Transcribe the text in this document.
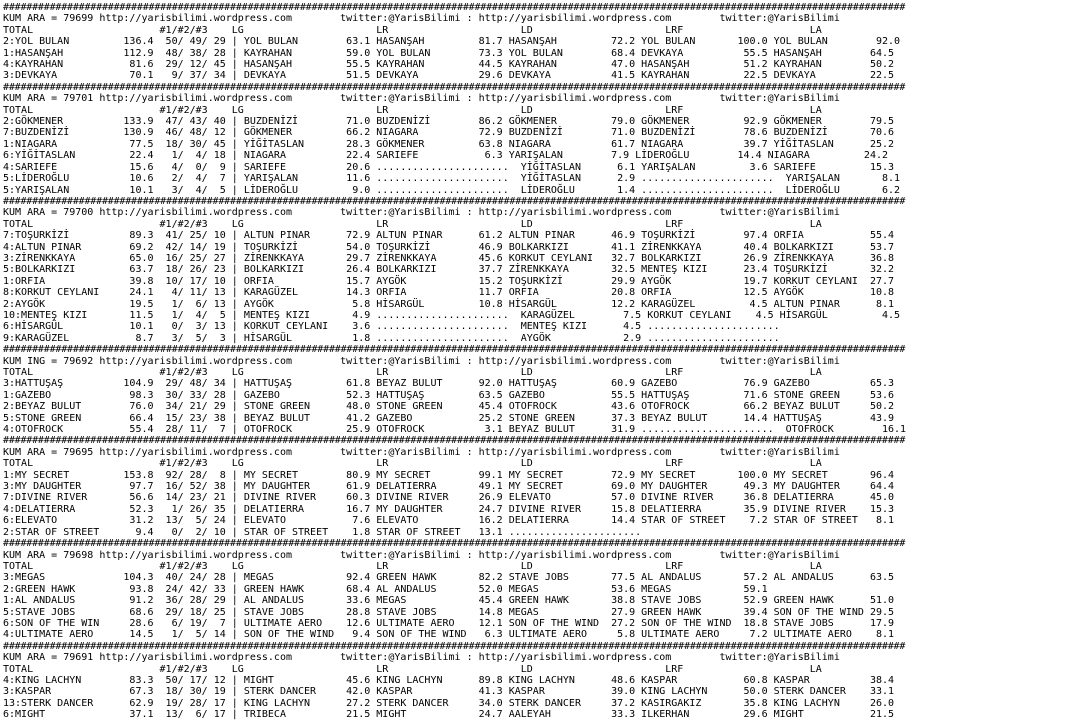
###########################################################################################################################################################
KUM ARA = 79699 http://yarisbilimi.wordpress.com        twitter:@YarisBilimi : http://yarisbilimi.wordpress.com        twitter:@YarisBilimi
TOTAL                     #1/#2/#3    LG                      LR                      LD                      LRF                     LA
2:YOL BULAN         136.4  50/ 49/ 29 | YOL BULAN        63.1 HASANŞAH         81.7 HASANŞAH         72.2 YOL BULAN       100.0 YOL BULAN        92.0
1:HASANŞAH          112.9  48/ 38/ 28 | KAYRAHAN         59.0 YOL BULAN        73.3 YOL BULAN        68.4 DEVKAYA          55.5 HASANŞAH        64.5
4:KAYRAHAN           81.6  29/ 12/ 45 | HASANŞAH         55.5 KAYRAHAN         44.5 KAYRAHAN         47.0 HASANŞAH         51.2 KAYRAHAN        50.2
3:DEVKAYA            70.1   9/ 37/ 34 | DEVKAYA          51.5 DEVKAYA          29.6 DEVKAYA          41.5 KAYRAHAN         22.5 DEVKAYA         22.5
###########################################################################################################################################################
KUM ARA = 79701 http://yarisbilimi.wordpress.com        twitter:@YarisBilimi : http://yarisbilimi.wordpress.com        twitter:@YarisBilimi
TOTAL                     #1/#2/#3    LG                      LR                      LD                      LRF                     LA
2:GÖKMENER          133.9  47/ 43/ 40 | BUZDENİZİ        71.0 BUZDENİZİ        86.2 GÖKMENER         79.0 GÖKMENER         92.9 GÖKMENER        79.5
7:BUZDENİZİ         130.9  46/ 48/ 12 | GÖKMENER         66.2 NIAGARA          72.9 BUZDENİZİ        71.0 BUZDENİZİ        78.6 BUZDENİZİ       70.6
1:NIAGARA            77.5  18/ 30/ 45 | YİĞİTASLAN       28.3 GÖKMENER         63.8 NIAGARA          61.7 NIAGARA          39.7 YİĞİTASLAN      25.2
6:YİĞİTASLAN         22.4   1/  4/ 18 | NIAGARA          22.4 SARIEFE           6.3 YARIŞALAN        7.9 LİDEROĞLU        14.4 NIAGARA         24.2
4:SARIEFE            15.6   4/  0/  9 | SARIEFE          20.6 ......................  YİĞİTASLAN      6.1 YARIŞALAN         3.6 SARIEFE         15.3
5:LİDEROĞLU          10.6   2/  4/  7 | YARIŞALAN        11.6 ......................  YİĞİTASLAN      2.9 ......................  YARIŞALAN       8.1
5:YARIŞALAN          10.1   3/  4/  5 | LİDEROĞLU         9.0 ......................  LİDEROĞLU       1.4 ......................  LİDEROĞLU       6.2
###########################################################################################################################################################
KUM ARA = 79700 http://yarisbilimi.wordpress.com        twitter:@YarisBilimi : http://yarisbilimi.wordpress.com        twitter:@YarisBilimi
TOTAL                     #1/#2/#3    LG                      LR                      LD                      LRF                     LA
7:TOŞURKİZİ          89.3  41/ 25/ 10 | ALTUN PINAR      72.9 ALTUN PINAR      61.2 ALTUN PINAR      46.9 TOŞURKİZİ        97.4 ORFIA           55.4
4:ALTUN PINAR        69.2  42/ 14/ 19 | TOŞURKİZİ        54.0 TOŞURKİZİ        46.9 BOLKARKIZI       41.1 ZİRENKKAYA       40.4 BOLKARKIZI      53.7
3:ZİRENKKAYA         65.0  16/ 25/ 27 | ZİRENKKAYA       29.7 ZİRENKKAYA       45.6 KORKUT CEYLANI   32.7 BOLKARKIZI       26.9 ZİRENKKAYA      36.8
5:BOLKARKIZI         63.7  18/ 26/ 23 | BOLKARKIZI       26.4 BOLKARKIZI       37.7 ZİRENKKAYA       32.5 MENTEŞ KIZI      23.4 TOŞURKİZİ       32.2
1:ORFIA              39.8  10/ 17/ 10 | ORFIA            15.7 AYGÖK            15.2 TOŞURKİZİ        29.9 AYGÖK            19.7 KORKUT CEYLANI  27.7
8:KORKUT CEYLANI     24.1   4/ 11/ 13 | KARAGÜZEL        14.3 ORFIA            11.7 ORFIA            20.8 ORFIA            12.5 AYGÖK           10.8
2:AYGÖK              19.5   1/  6/ 13 | AYGÖK             5.8 HİSARGÜL         10.8 HİSARGÜL         12.2 KARAGÜZEL         4.5 ALTUN PINAR      8.1
10:MENTEŞ KIZI       11.5   1/  4/  5 | MENTEŞ KIZI       4.9 ......................  KARAGÜZEL        7.5 KORKUT CEYLANI    4.5 HİSARGÜL         4.5
6:HİSARGÜL           10.1   0/  3/ 13 | KORKUT CEYLANI    3.6 ......................  MENTEŞ KIZI      4.5 ......................
9:KARAGÜZEL           8.7   3/  5/  3 | HİSARGÜL          1.8 ......................  AYGÖK            2.9 ......................
###########################################################################################################################################################
KUM ING = 79692 http://yarisbilimi.wordpress.com        twitter:@YarisBilimi : http://yarisbilimi.wordpress.com        twitter:@YarisBilimi
TOTAL                     #1/#2/#3    LG                      LR                      LD                      LRF                     LA
3:HATTUŞAŞ          104.9  29/ 48/ 34 | HATTUŞAŞ         61.8 BEYAZ BULUT      92.0 HATTUŞAŞ         60.9 GAZEBO           76.9 GAZEBO          65.3
1:GAZEBO             98.3  30/ 33/ 28 | GAZEBO           52.3 HATTUŞAŞ         63.5 GAZEBO           55.5 HATTUŞAŞ         71.6 STONE GREEN     53.6
2:BEYAZ BULUT        76.0  34/ 21/ 29 | STONE GREEN      48.0 STONE GREEN      45.4 OTOFROCK         43.6 OTOFROCK         66.2 BEYAZ BULUT     50.2
5:STONE GREEN        66.4  15/ 23/ 38 | BEYAZ BULUT      41.2 GAZEBO           25.2 STONE GREEN      37.3 BEYAZ BULUT      14.4 HATTUŞAŞ        43.9
4:OTOFROCK           55.4  28/ 11/  7 | OTOFROCK         25.9 OTOFROCK          3.1 BEYAZ BULUT      31.9 ......................  OTOFROCK        16.1
###########################################################################################################################################################
KUM ARA = 79695 http://yarisbilimi.wordpress.com        twitter:@YarisBilimi : http://yarisbilimi.wordpress.com        twitter:@YarisBilimi
TOTAL                     #1/#2/#3    LG                      LR                      LD                      LRF                     LA
1:MY SECRET         153.8  92/ 28/  8 | MY SECRET        80.9 MY SECRET        99.1 MY SECRET        72.9 MY SECRET       100.0 MY SECRET       96.4
3:MY DAUGHTER        97.7  16/ 52/ 38 | MY DAUGHTER      61.9 DELATIERRA       49.1 MY SECRET        69.0 MY DAUGHTER      49.3 MY DAUGHTER     64.4
7:DIVINE RIVER       56.6  14/ 23/ 21 | DIVINE RIVER     60.3 DIVINE RIVER     26.9 ELEVATO          57.0 DIVINE RIVER     36.8 DELATIERRA      45.0
4:DELATIERRA         52.3   1/ 26/ 35 | DELATIERRA       16.7 MY DAUGHTER      24.7 DIVINE RIVER     15.8 DELATIERRA       35.9 DIVINE RIVER    15.3
6:ELEVATO            31.2  13/  5/ 24 | ELEVATO           7.6 ELEVATO          16.2 DELATIERRA       14.4 STAR OF STREET    7.2 STAR OF STREET   8.1
2:STAR OF STREET      9.4   0/  2/ 10 | STAR OF STREET    1.8 STAR OF STREET   13.1 ......................
###########################################################################################################################################################
KUM ARA = 79698 http://yarisbilimi.wordpress.com        twitter:@YarisBilimi : http://yarisbilimi.wordpress.com        twitter:@YarisBilimi
TOTAL                     #1/#2/#3    LG                      LR                      LD                      LRF                     LA
3:MEGAS             104.3  40/ 24/ 28 | MEGAS            92.4 GREEN HAWK       82.2 STAVE JOBS       77.5 AL ANDALUS       57.2 AL ANDALUS      63.5
2:GREEN HAWK         93.8  24/ 42/ 33 | GREEN HAWK       68.4 AL ANDALUS       52.0 MEGAS            53.6 MEGAS            59.1
1:AL ANDALUS         91.2  36/ 28/ 29 | AL ANDALUS       33.6 MEGAS            45.4 GREEN HAWK       38.8 STAVE JOBS       52.9 GREEN HAWK      51.0
5:STAVE JOBS         68.6  29/ 18/ 25 | STAVE JOBS       28.8 STAVE JOBS       14.8 MEGAS            27.9 GREEN HAWK       39.4 SON OF THE WIND 29.5
6:SON OF THE WIN     28.6   6/ 19/  7 | ULTIMATE AERO    12.6 ULTIMATE AERO    12.1 SON OF THE WIND  27.2 SON OF THE WIND  18.8 STAVE JOBS      17.9
4:ULTIMATE AERO      14.5   1/  5/ 14 | SON OF THE WIND   9.4 SON OF THE WIND   6.3 ULTIMATE AERO     5.8 ULTIMATE AERO     7.2 ULTIMATE AERO    8.1
###########################################################################################################################################################
KUM ARA = 79691 http://yarisbilimi.wordpress.com        twitter:@YarisBilimi : http://yarisbilimi.wordpress.com        twitter:@YarisBilimi
TOTAL                     #1/#2/#3    LG                      LR                      LD                      LRF                     LA
4:KING LACHYN        83.3  50/ 17/ 12 | MIGHT            45.6 KING LACHYN      89.8 KING LACHYN      48.6 KASPAR           60.8 KASPAR          38.4
3:KASPAR             67.3  18/ 30/ 19 | STERK DANCER     42.0 KASPAR           41.3 KASPAR           39.0 KING LACHYN      50.0 STERK DANCER    33.1
13:STERK DANCER      62.9  19/ 28/ 17 | KING LACHYN      27.2 STERK DANCER     34.0 STERK DANCER     37.2 KASIRGAKIZ       35.8 KING LACHYN     26.0
6:MIGHT              37.1  13/  6/ 17 | TRIBECA          21.5 MIGHT            24.7 AALEYAH          33.3 ILKERHAN         29.6 MIGHT           21.5
